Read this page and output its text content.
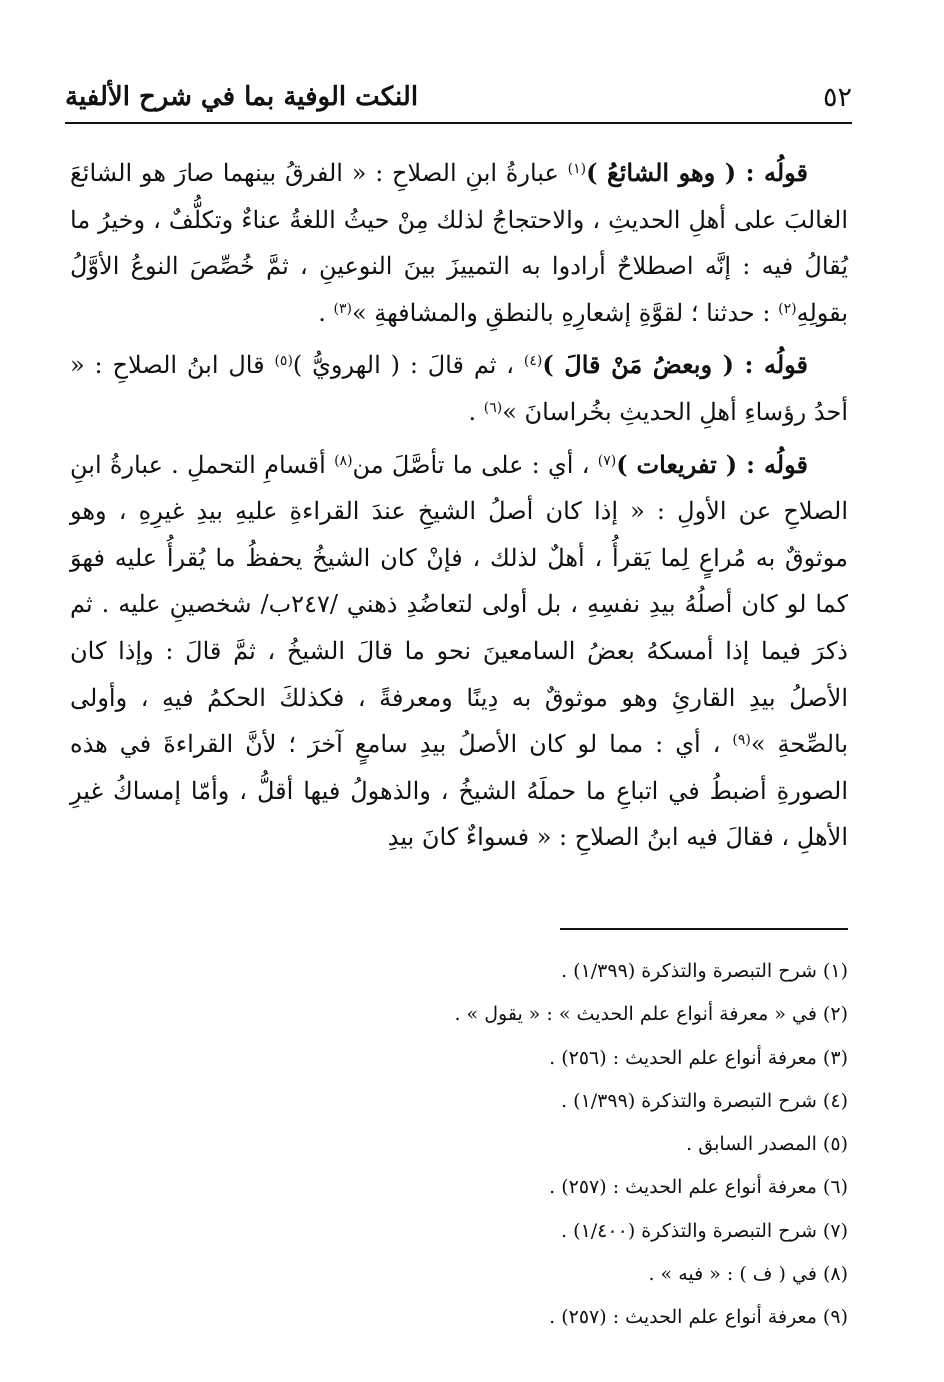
٥٢
النكت الوفية بما في شرح الألفية

قولُه : ( وهو الشائعُ )$^{(١)}$ عبارةُ ابنِ الصلاحِ : « الفرقُ بينهما صارَ هو الشائعَ الغالبَ على أهلِ الحديثِ ، والاحتجاجُ لذلك مِنْ حيثُ اللغةُ عناءٌ وتكلُّفٌ ، وخيرُ ما يُقالُ فيه : إنَّه اصطلاحٌ أرادوا به التمييزَ بينَ النوعينِ ، ثمَّ خُصِّصَ النوعُ الأوَّلُ بقولِهِ$^{(٢)}$ : حدثنا ؛ لقوَّةِ إشعارِهِ بالنطقِ والمشافهةِ »$^{(٣)}$ .

قولُه : ( وبعضُ مَنْ قالَ )$^{(٤)}$ ، ثم قالَ : ( الهرويُّ )$^{(٥)}$ قال ابنُ الصلاحِ : « أحدُ رؤساءِ أهلِ الحديثِ بخُراسانَ »$^{(٦)}$ .

قولُه : ( تفريعات )$^{(٧)}$ ، أي : على ما تأصَّلَ من$^{(٨)}$ أقسامِ التحملِ . عبارةُ ابنِ الصلاحِ عن الأولِ : « إذا كان أصلُ الشيخِ عندَ القراءةِ عليهِ بيدِ غيرِهِ ، وهو موثوقٌ به مُراعٍ لِما يَقرأُ ، أهلٌ لذلك ، فإنْ كان الشيخُ يحفظُ ما يُقرأُ عليه فهوَ كما لو كان أصلُهُ بيدِ نفسِهِ ، بل أولى لتعاضُدِ ذهني /٢٤٧ب/ شخصينِ عليه . ثم ذكرَ فيما إذا أمسكهُ بعضُ السامعينَ نحو ما قالَ الشيخُ ، ثمَّ قالَ : وإذا كان الأصلُ بيدِ القارئِ وهو موثوقٌ به دِينًا ومعرفةً ، فكذلكَ الحكمُ فيهِ ، وأولى بالصِّحةِ »$^{(٩)}$ ، أي : مما لو كان الأصلُ بيدِ سامعٍ آخرَ ؛ لأنَّ القراءةَ في هذه الصورةِ أضبطُ في اتباعِ ما حملَهُ الشيخُ ، والذهولُ فيها أقلُّ ، وأمّا إمساكُ غيرِ الأهلِ ، فقالَ فيه ابنُ الصلاحِ : « فسواءٌ كانَ بيدِ

(١) شرح التبصرة والتذكرة (١/٣٩٩) .
(٢) في « معرفة أنواع علم الحديث » : « يقول » .
(٣) معرفة أنواع علم الحديث : (٢٥٦) .
(٤) شرح التبصرة والتذكرة (١/٣٩٩) .
(٥) المصدر السابق .
(٦) معرفة أنواع علم الحديث : (٢٥٧) .
(٧) شرح التبصرة والتذكرة (١/٤٠٠) .
(٨) في ( ف ) : « فيه » .
(٩) معرفة أنواع علم الحديث : (٢٥٧) .
